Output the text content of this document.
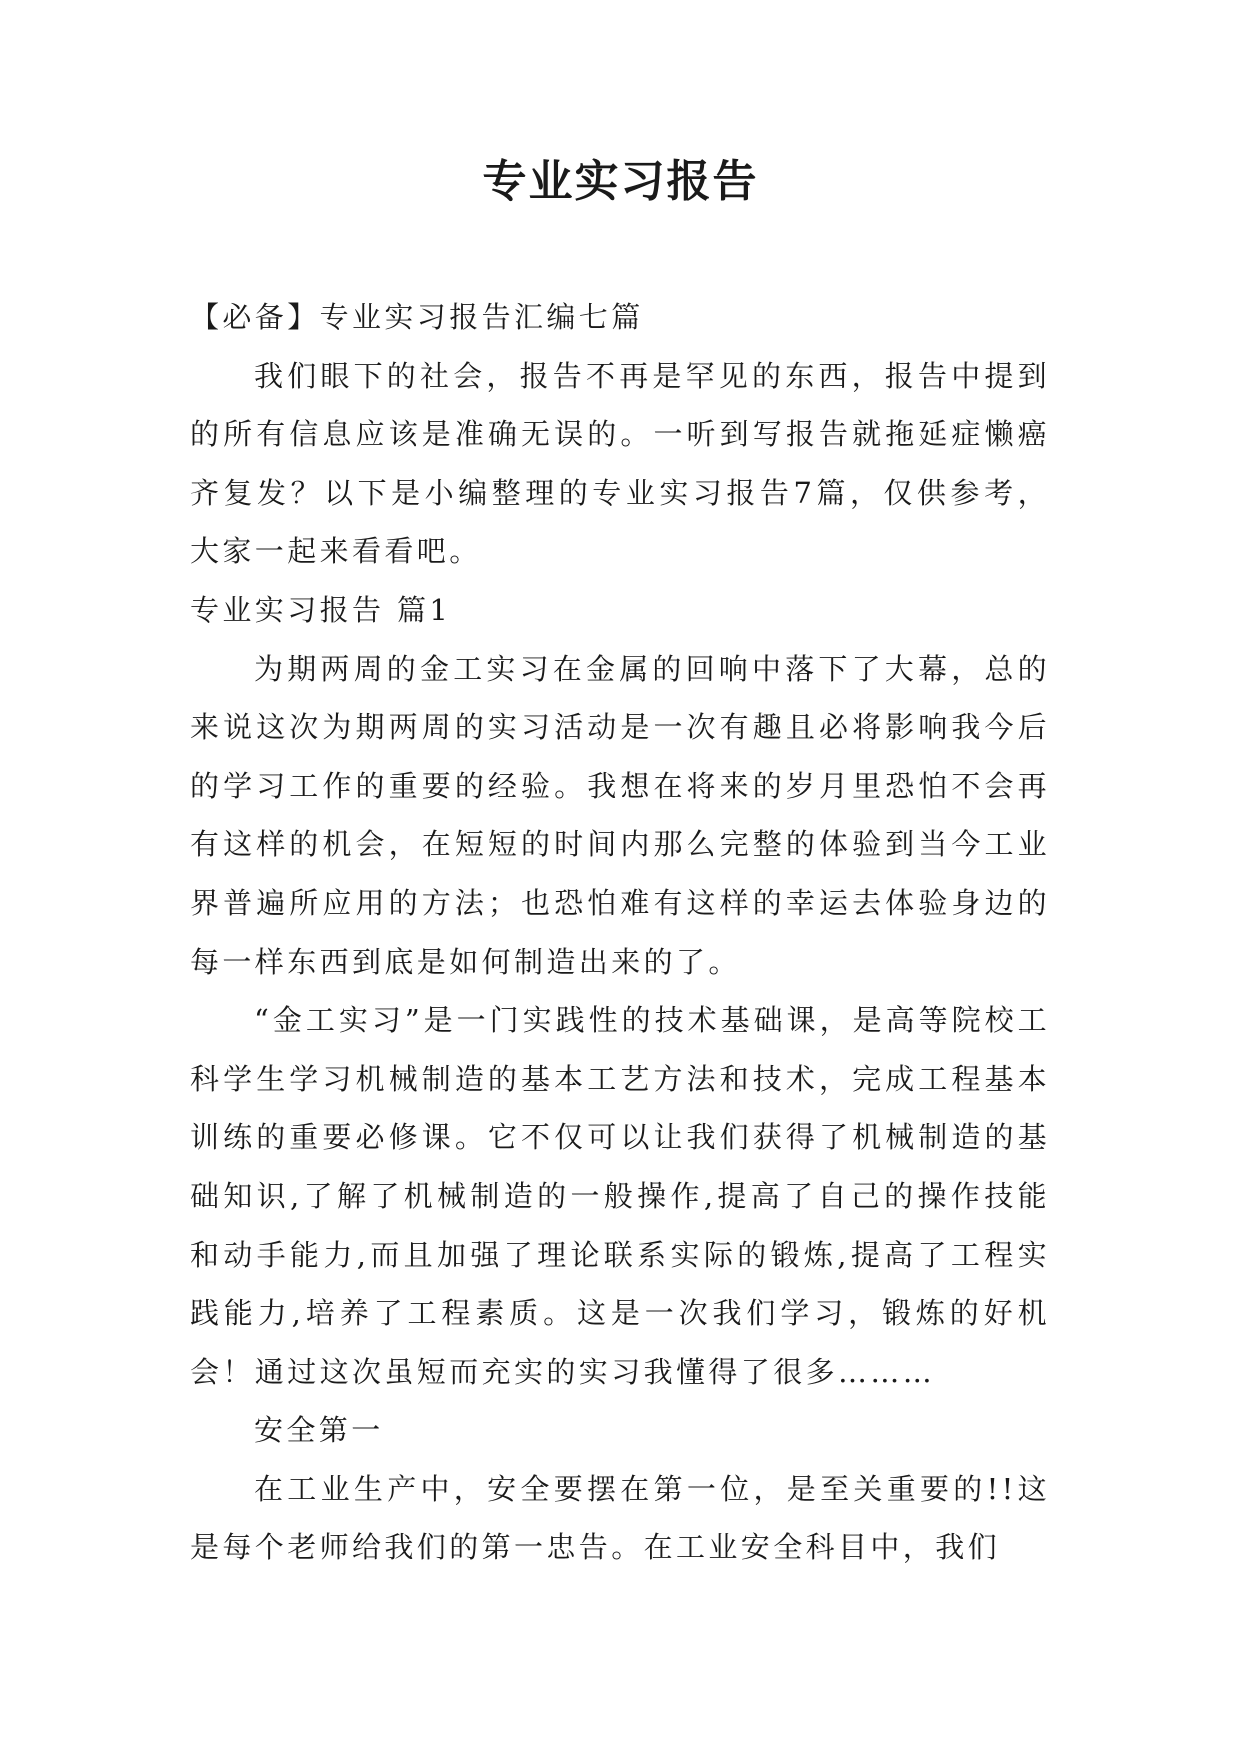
专业实习报告

【必备】专业实习报告汇编七篇

我们眼下的社会，报告不再是罕见的东西，报告中提到的所有信息应该是准确无误的。一听到写报告就拖延症懒癌齐复发？以下是小编整理的专业实习报告7篇，仅供参考，大家一起来看看吧。

专业实习报告 篇1

为期两周的金工实习在金属的回响中落下了大幕，总的来说这次为期两周的实习活动是一次有趣且必将影响我今后的学习工作的重要的经验。我想在将来的岁月里恐怕不会再有这样的机会，在短短的时间内那么完整的体验到当今工业界普遍所应用的方法；也恐怕难有这样的幸运去体验身边的每一样东西到底是如何制造出来的了。

“金工实习”是一门实践性的技术基础课，是高等院校工科学生学习机械制造的基本工艺方法和技术，完成工程基本训练的重要必修课。它不仅可以让我们获得了机械制造的基础知识,了解了机械制造的一般操作,提高了自己的操作技能和动手能力,而且加强了理论联系实际的锻炼,提高了工程实践能力,培养了工程素质。这是一次我们学习，锻炼的好机会！通过这次虽短而充实的实习我懂得了很多………

安全第一

在工业生产中，安全要摆在第一位，是至关重要的!!这是每个老师给我们的第一忠告。在工业安全科目中，我们
